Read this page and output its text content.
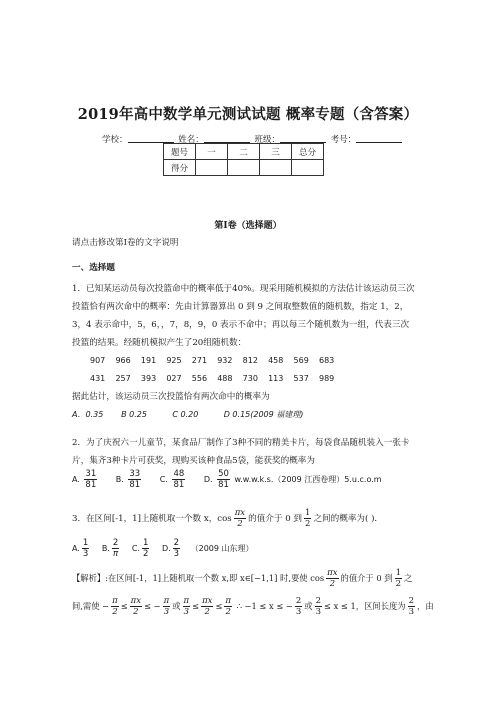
2019年高中数学单元测试试题 概率专题（含答案）
学校：	姓名：	班级：	考号：
题号	一	二	三	总分
得分				
第I卷（选择题）
请点击修改第I卷的文字说明
一、选择题
1．已知某运动员每次投篮命中的概率低于40%。现采用随机模拟的方法估计该运动员三次
投篮恰有两次命中的概率：先由计算器算出 0 到 9 之间取整数值的随机数，指定 1，2，
3，4 表示命中，5，6，，7，8，9，0 表示不命中；再以每三个随机数为一组，代表三次
投篮的结果。经随机模拟产生了20组随机数：
907    966    191    925    271    932    812    458    569    683
431    257    393    027    556    488    730    113    537    989
据此估计，该运动员三次投篮恰有两次命中的概率为
A．0.35       B 0.25          C 0.20          D 0.15(2009 福建理)
2．为了庆祝六一儿童节，某食品厂制作了3种不同的精美卡片，每袋食品随机装入一张卡
片，集齐3种卡片可获奖，现购买该种食品5袋，能获奖的概率为
A. $\frac{31}{81} B$. $\frac{33}{81} C$. $\frac{48}{81} D$. $\frac{50}{81} w.w.w.k.s.(2009$ 江西卷理）5.u.c.o.m
3．在区间[-1，1]上随机取一个数 x，$\cos \frac{\pi x}{2}$ 的值介于 0 到 $\frac{1}{2}$ 之间的概率为( ).
A. $\frac{1}{3} B$. $\frac{2}{\pi} C$. $\frac{1}{2} D$. $\frac{2}{3} (2009$ 山东理）
【解析】:在区间[-1，1]上随机取一个数 x,即 x∈[−1,1] 时,要使 $\cos \frac{\pi x}{2}$ 的值介于 0 到 $\frac{1}{2}$ 之
间,需使 − $\frac{\pi}{2} \le \frac{\pi x}{2}$ ≤ − $\frac{\pi}{3}$ 或 $\frac{\pi}{3} \le \frac{\pi x}{2} \le \frac{\pi}{2}$ ∴ −1 ≤ x ≤ − $\frac{2}{3}$ 或 $\frac{2}{3} \le x \le 1$，区间长度为 $\frac{2}{3}$ ，由
